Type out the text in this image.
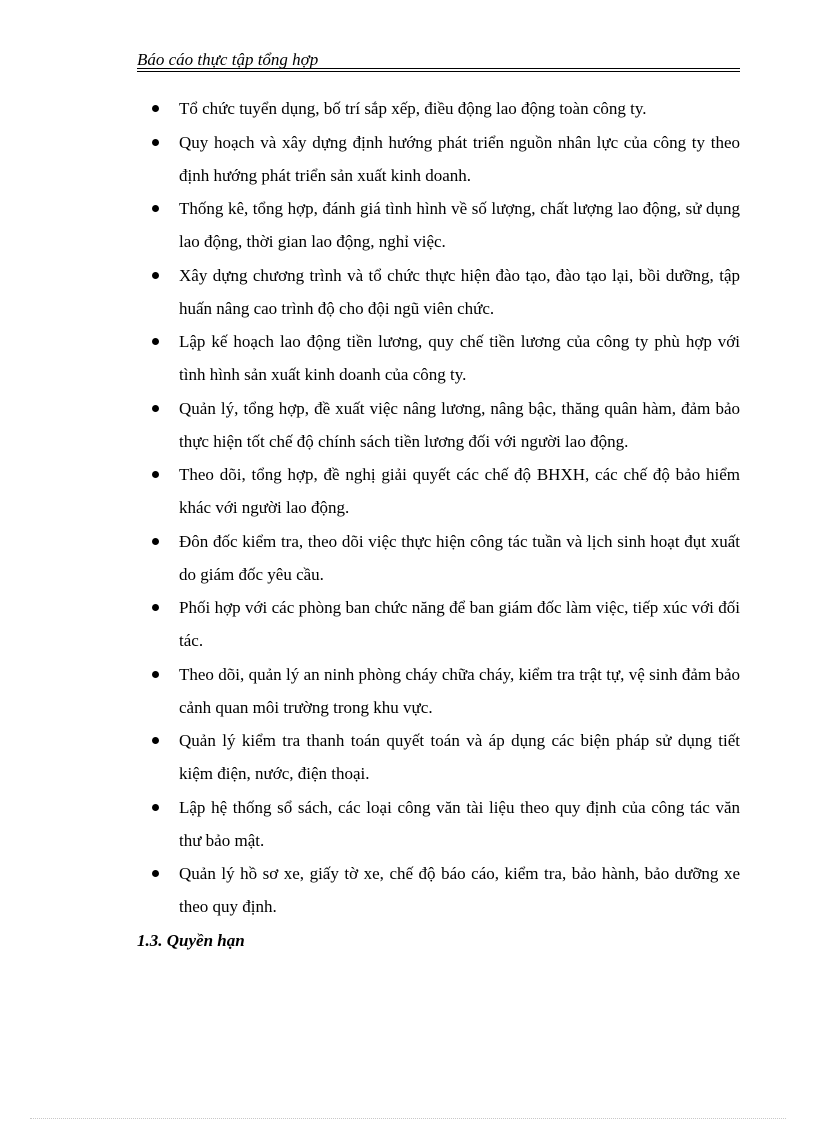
Báo cáo thực tập tổng hợp
Tổ chức tuyển dụng, bố trí sắp xếp, điều động lao động toàn công ty.
Quy hoạch và xây dựng định hướng phát triển nguồn nhân lực của công ty theo định hướng phát triển sản xuất kinh doanh.
Thống kê, tổng hợp, đánh giá tình hình về số lượng, chất lượng lao động, sử dụng lao động, thời gian lao động, nghỉ việc.
Xây dựng chương trình và tổ chức thực hiện đào tạo, đào tạo lại, bồi dưỡng, tập huấn nâng cao trình độ cho đội ngũ viên chức.
Lập kế hoạch lao động tiền lương, quy chế tiền lương của công ty phù hợp với tình hình sản xuất kinh doanh của công ty.
Quản lý, tổng hợp, đề xuất việc nâng lương, nâng bậc, thăng quân hàm, đảm bảo thực hiện tốt chế độ chính sách tiền lương đối với người lao động.
Theo dõi, tổng hợp, đề nghị giải quyết các chế độ BHXH, các chế độ bảo hiểm khác với người lao động.
Đôn đốc kiểm tra, theo dõi việc thực hiện công tác tuần và lịch sinh hoạt đụt xuất do giám đốc yêu cầu.
Phối hợp với các phòng ban chức năng để ban giám đốc làm việc, tiếp xúc với đối tác.
Theo dõi, quản lý an ninh phòng cháy chữa cháy, kiểm tra trật tự, vệ sinh đảm bảo cảnh quan môi trường trong khu vực.
Quản lý kiểm tra thanh toán quyết toán và áp dụng các biện pháp sử dụng tiết kiệm điện, nước, điện thoại.
Lập hệ thống sổ sách, các loại công văn tài liệu theo quy định của công tác văn thư bảo mật.
Quản lý hồ sơ xe, giấy tờ xe, chế độ báo cáo, kiểm tra, bảo hành, bảo dưỡng xe theo quy định.
1.3. Quyền hạn
